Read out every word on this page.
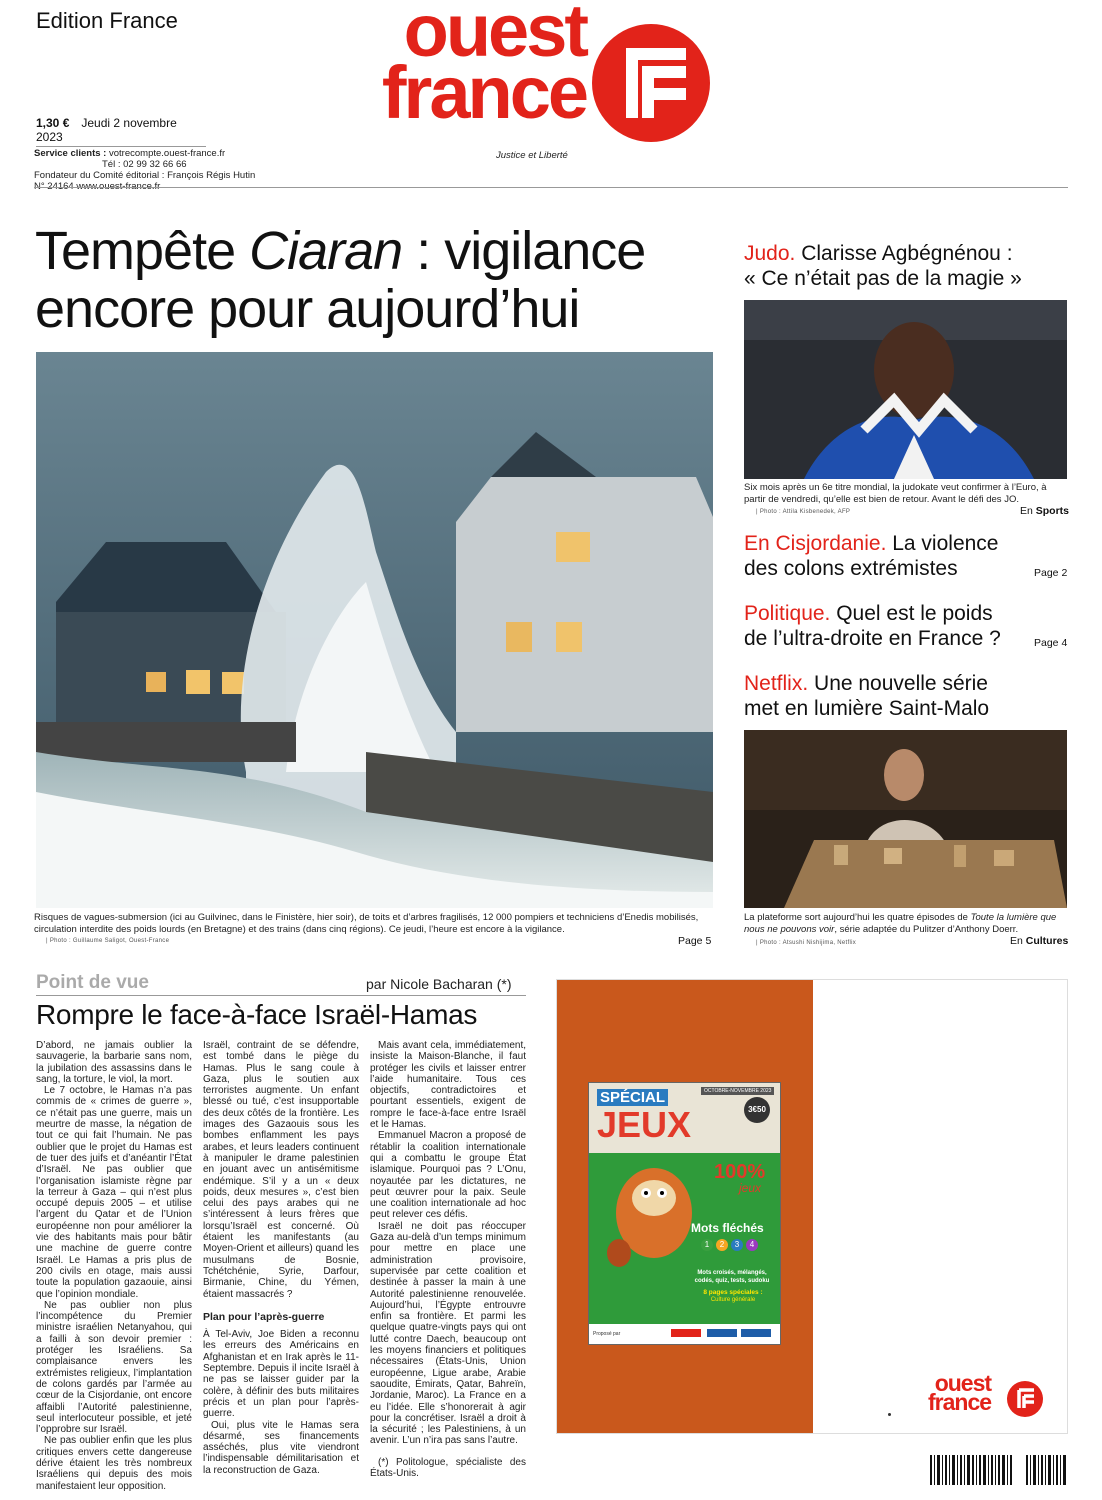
Edition France
1,30 € Jeudi 2 novembre 2023
Service clients : votrecompte.ouest-france.fr
Tél : 02 99 32 66 66
Fondateur du Comité éditorial : François Régis Hutin
ouest
france
Justice et Liberté
Tempête Ciaran : vigilance
encore pour aujourd’hui
Risques de vagues-submersion (ici au Guilvinec, dans le Finistère, hier soir), de toits et d’arbres fragilisés, 12 000 pompiers et techniciens d’Enedis mobilisés, circulation interdite des poids lourds (en Bretagne) et des trains (dans cinq régions). Ce jeudi, l’heure est encore à la vigilance.
| Photo : Guillaume Saligot, Ouest-France	Page 5
Judo. Clarisse Agbégnénou :
« Ce n’était pas de la magie »
Six mois après un 6e titre mondial, la judokate veut confirmer à l’Euro, à partir de vendredi, qu’elle est bien de retour. Avant le défi des JO.
| Photo : Attila Kisbenedek, AFP	En Sports
En Cisjordanie. La violence
des colons extrémistes	Page 2
Politique. Quel est le poids
de l’ultra-droite en France ?	Page 4
Netflix. Une nouvelle série
met en lumière Saint-Malo
La plateforme sort aujourd’hui les quatre épisodes de Toute la lumière que nous ne pouvons voir, série adaptée du Pulitzer d’Anthony Doerr.
| Photo : Atsushi Nishijima, Netflix	En Cultures
Point de vue	par Nicole Bacharan (*)
Rompre le face-à-face Israël-Hamas

D’abord, ne jamais oublier la sauvagerie, la barbarie sans nom, la jubilation des assassins dans le sang, la torture, le viol, la mort.

Le 7 octobre, le Hamas n’a pas commis de « crimes de guerre », ce n’était pas une guerre, mais un meurtre de masse, la négation de tout ce qui fait l’humain. Ne pas oublier que le projet du Hamas est de tuer des juifs et d’anéantir l’État d’Israël. Ne pas oublier que l’organisation islamiste règne par la terreur à Gaza – qui n’est plus occupé depuis 2005 – et utilise l’argent du Qatar et de l’Union européenne non pour améliorer la vie des habitants mais pour bâtir une machine de guerre contre Israël. Le Hamas a pris plus de 200 civils en otage, mais aussi toute la population gazaouie, ainsi que l’opinion mondiale.

Ne pas oublier non plus l’incompétence du Premier ministre israélien Netanyahou, qui a failli à son devoir premier : protéger les Israéliens. Sa complaisance envers les extrémistes religieux, l’implantation de colons gardés par l’armée au cœur de la Cisjordanie, ont encore affaibli l’Autorité palestinienne, seul interlocuteur possible, et jeté l’opprobre sur Israël.

Ne pas oublier enfin que les plus critiques envers cette dangereuse dérive étaient les très nombreux Israéliens qui depuis des mois manifestaient leur opposition.

Israël, contraint de se défendre, est tombé dans le piège du Hamas. Plus le sang coule à Gaza, plus le soutien aux terroristes augmente. Un enfant blessé ou tué, c’est insupportable des deux côtés de la frontière. Les images des Gazaouis sous les bombes enflamment les pays arabes, et leurs leaders continuent à manipuler le drame palestinien en jouant avec un antisémitisme endémique. S’il y a un « deux poids, deux mesures », c’est bien celui des pays arabes qui ne s’intéressent à leurs frères que lorsqu’Israël est concerné. Où étaient les manifestants (au Moyen-Orient et ailleurs) quand les musulmans de Bosnie, Tchétchénie, Syrie, Darfour, Birmanie, Chine, du Yémen, étaient massacrés ?

Plan pour l’après-guerre

À Tel-Aviv, Joe Biden a reconnu les erreurs des Américains en Afghanistan et en Irak après le 11-Septembre. Depuis il incite Israël à ne pas se laisser guider par la colère, à définir des buts militaires précis et un plan pour l’après-guerre.

Oui, plus vite le Hamas sera désarmé, ses financements asséchés, plus vite viendront l’indispensable démilitarisation et la reconstruction de Gaza.

Mais avant cela, immédiatement, insiste la Maison-Blanche, il faut protéger les civils et laisser entrer l’aide humanitaire. Tous ces objectifs, contradictoires et pourtant essentiels, exigent de rompre le face-à-face entre Israël et le Hamas.

Emmanuel Macron a proposé de rétablir la coalition internationale qui a combattu le groupe État islamique. Pourquoi pas ? L’Onu, noyautée par les dictatures, ne peut œuvrer pour la paix. Seule une coalition internationale ad hoc peut relever ces défis.

Israël ne doit pas réoccuper Gaza au-delà d’un temps minimum pour mettre en place une administration provisoire, supervisée par cette coalition et destinée à passer la main à une Autorité palestinienne renouvelée. Aujourd’hui, l’Égypte entrouvre enfin sa frontière. Et parmi les quelque quatre-vingts pays qui ont lutté contre Daech, beaucoup ont les moyens financiers et politiques nécessaires (États-Unis, Union européenne, Ligue arabe, Arabie saoudite, Émirats, Qatar, Bahreïn, Jordanie, Maroc). La France en a eu l’idée. Elle s’honorerait à agir pour la concrétiser. Israël a droit à la sécurité ; les Palestiniens, à un avenir. L’un n’ira pas sans l’autre.

(*) Politologue, spécialiste des États-Unis.

SPÉCIAL
JEUX
OCTOBRE-NOVEMBRE 2023
3€50
100%
jeux
Mots fléchés
1	2	3	4
Mots croisés, mélangés, codés, quiz, tests, sudoku
8 pages spéciales :
Culture générale
Proposé par
ouest
france
